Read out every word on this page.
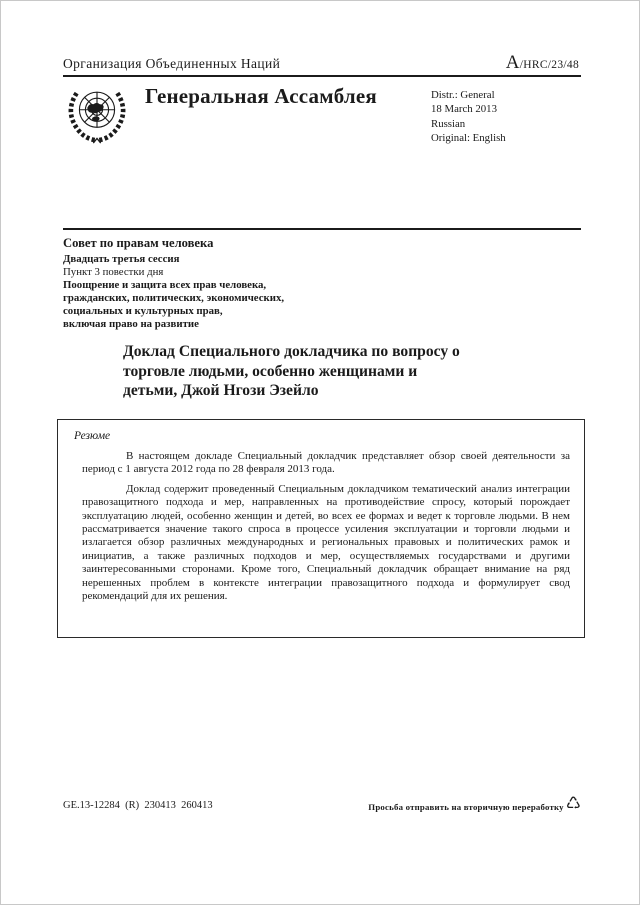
Организация Объединенных Наций	A/HRC/23/48
Генеральная Ассамблея	Distr.: General
18 March 2013
Russian
Original: English
Совет по правам человека
Двадцать третья сессия
Пункт 3 повестки дня
Поощрение и защита всех прав человека,
гражданских, политических, экономических,
социальных и культурных прав,
включая право на развитие
Доклад Специального докладчика по вопросу о торговле людьми, особенно женщинами и детьми, Джой Нгози Эзейло
Резюме

В настоящем докладе Специальный докладчик представляет обзор своей деятельности за период с 1 августа 2012 года по 28 февраля 2013 года.

Доклад содержит проведенный Специальным докладчиком тематический анализ интеграции правозащитного подхода и мер, направленных на противодействие спросу, который порождает эксплуатацию людей, особенно женщин и детей, во всех ее формах и ведет к торговле людьми. В нем рассматривается значение такого спроса в процессе усиления эксплуатации и торговли людьми и излагается обзор различных международных и региональных правовых и политических рамок и инициатив, а также различных подходов и мер, осуществляемых государствами и другими заинтересованными сторонами. Кроме того, Специальный докладчик обращает внимание на ряд нерешенных проблем в контексте интеграции правозащитного подхода и формулирует свод рекомендаций для их решения.

GE.13-12284  (R)  230413  260413	Просьба отправить на вторичную переработку ♺
